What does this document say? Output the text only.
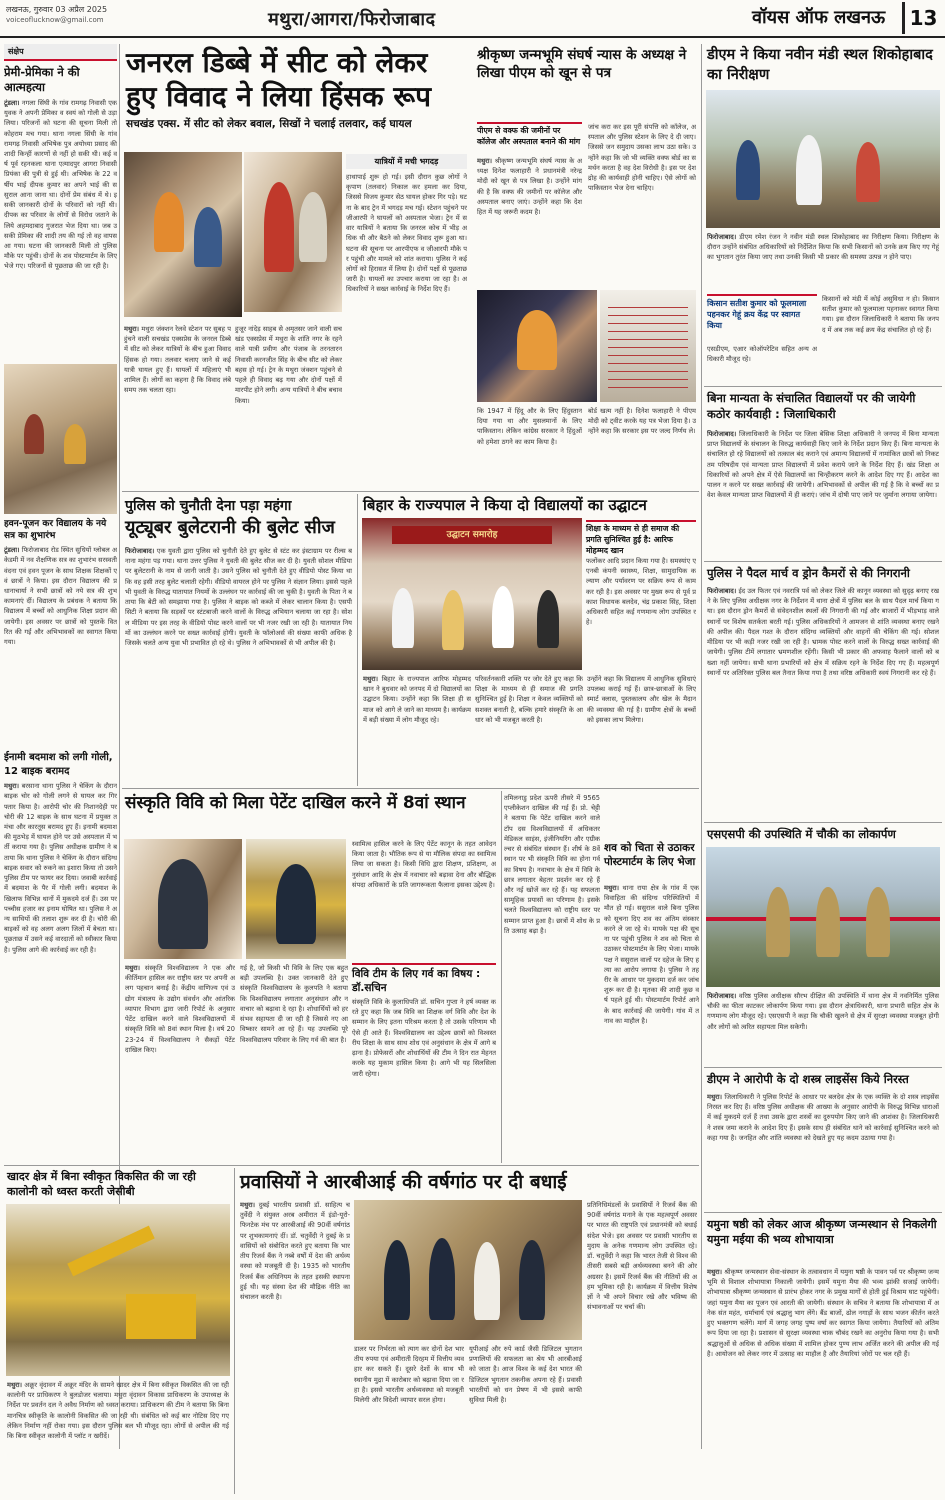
लखनऊ, गुरुवार 03 अप्रैल 2025
voiceoflucknow@gmail.com	मथुरा/आगरा/फिरोजाबाद	वॉयस ऑफ लखनऊ	13
संक्षेप
प्रेमी-प्रेमिका ने की आत्महत्या
टूंडला। नगला सिंघी के गांव रामगढ़ निवासी एक युवक ने अपनी प्रेमिका व स्वयं को गोली से उड़ा लिया। परिजनों को घटना की सूचना मिली तो कोहराम मच गया। थाना नगला सिंघी के गांव रामगढ़ निवासी अभिषेक पुत्र अयोध्या प्रसाद की शादी किन्हीं कारणों से नहीं हो सकी थी। कई वर्ष पूर्व रहनकला थाना एत्मादपुर आगरा निवासी प्रियंका की पुत्री से हुई थी। अभिषेक के 22 वर्षीय भाई दीपक कुमार का अपने भाई की ससुराल आना जाना था। दोनों प्रेम संबंध में थे। इसकी जानकारी दोनों के परिवारों को नहीं थी। दीपक का परिवार के लोगों से विरोध जताने के लिये अहमदाबाद गुजरात भेज दिया था। जब उसकी प्रेमिका की शादी तय की गई तो वह वापस आ गया। घटना की जानकारी मिली तो पुलिस मौके पर पहुंची। दोनों के शव पोस्टमार्टम के लिए भेजे गए। परिजनों से पूछताछ की जा रही है।
हवन-पूजन कर विद्यालय के नये सत्र का शुभारंभ
टूंडला। फिरोजाबाद रोड स्थित सुधियों ग्लोबल अकेडमी में नव शैक्षणिक सत्र का शुभारंभ सरस्वती वंदना एवं हवन पूजन के साथ शिक्षक शिक्षकों एवं छात्रों ने किया। इस दौरान विद्यालय की प्रधानाचार्या ने सभी छात्रों को नये सत्र की शुभकामनाएं दीं। विद्यालय के प्रबंधक ने बताया कि विद्यालय में बच्चों को आधुनिक शिक्षा प्रदान की जायेगी। इस अवसर पर छात्रों को पुस्तकें वितरित की गईं और अभिभावकों का स्वागत किया गया।
ईनामी बदमाश को लगी गोली, 12 बाइक बरामद
मथुरा। बरसाना थाना पुलिस ने चेकिंग के दौरान बाइक चोर को गोली लगने से घायल कर गिरफ्तार किया है। आरोपी चोर की निशानदेही पर चोरी की 12 बाइक के साथ घटना में प्रयुक्त तमंचा और कारतूस बरामद हुए हैं। इनामी बदमाश की मुठभेड़ में घायल होने पर उसे अस्पताल में भर्ती कराया गया है। पुलिस अधीक्षक ग्रामीण ने बताया कि थाना पुलिस ने चेकिंग के दौरान संदिग्ध बाइक सवार को रुकने का इशारा किया तो उसने पुलिस टीम पर फायर कर दिया। जवाबी कार्रवाई में बदमाश के पैर में गोली लगी। बदमाश के खिलाफ विभिन्न थानों में मुकदमे दर्ज हैं। उस पर पच्चीस हजार का इनाम घोषित था। पुलिस ने अन्य साथियों की तलाश शुरू कर दी है। चोरी की बाइकों को वह अलग अलग जिलों में बेचता था। पूछताछ में उसने कई वारदातों को स्वीकार किया है। पुलिस आगे की कार्रवाई कर रही है।
जनरल डिब्बे में सीट को लेकर हुए विवाद ने लिया हिंसक रूप
सचखंड एक्स. में सीट को लेकर बवाल, सिखों ने चलाई तलवार, कई घायल
यात्रियों में मची भगदड़
हाथापाई शुरू हो गई। इसी दौरान कुछ लोगों ने कृपाण (तलवार) निकाल कर हमला कर दिया, जिससे विजय कुमार सेठ घायल होकर गिर पड़े। घटना के बाद ट्रेन में भगदड़ मच गई। स्टेशन पहुंचने पर जीआरपी ने घायलों को अस्पताल भेजा। ट्रेन में सवार यात्रियों ने बताया कि जनरल कोच में भीड़ अधिक थी और बैठने को लेकर विवाद शुरू हुआ था। घटना की सूचना पर आरपीएफ व जीआरपी मौके पर पहुंची और मामले को शांत कराया। पुलिस ने कई लोगों को हिरासत में लिया है। दोनों पक्षों से पूछताछ जारी है। घायलों का उपचार कराया जा रहा है। अधिकारियों ने सख्त कार्रवाई के निर्देश दिए हैं।
मथुरा। मथुरा जंक्शन रेलवे स्टेशन पर सुबह पहुंचने वाली सचखंड एक्सप्रेस के जनरल डिब्बे में सीट को लेकर यात्रियों के बीच हुआ विवाद हिंसक हो गया। तलवार चलाए जाने से कई यात्री घायल हुए हैं। घायलों में महिलाएं भी शामिल हैं। लोगों का कहना है कि विवाद लंबे समय तक चलता रहा।
हुजूर नांदेड़ साहब से अमृतसर जाने वाली सचखंड एक्सप्रेस में मथुरा के शांति नगर के रहने वाले यात्री प्रवीण और पंजाब के तरनतारन निवासी करनजीत सिंह के बीच सीट को लेकर बहस हो गई। ट्रेन के मथुरा जंक्शन पहुंचने से पहले ही विवाद बढ़ गया और दोनों पक्षों में मारपीट होने लगी। अन्य यात्रियों ने बीच बचाव किया।
श्रीकृष्ण जन्मभूमि संघर्ष न्यास के अध्यक्ष ने लिखा पीएम को खून से पत्र
पीएम से वक्फ की जमीनों पर कॉलेज और अस्पताल बनाने की मांग
मथुरा। श्रीकृष्ण जन्मभूमि संघर्ष न्यास के अध्यक्ष दिनेश फलाहारी ने प्रधानमंत्री नरेन्द्र मोदी को खून से पत्र लिखा है। उन्होंने मांग की है कि वक्फ की जमीनों पर कॉलेज और अस्पताल बनाए जाएं। उन्होंने कहा कि देश हित में यह जरूरी कदम है।
जांच करा कर इस पूरी संपत्ति को कॉलेज, अस्पताल और पुलिस स्टेशन के लिए दे दी जाए। जिससे जन समुदाय उसका लाभ उठा सके। उन्होंने कहा कि जो भी व्यक्ति वक्फ बोर्ड का समर्थन करता है वह देश विरोधी है। इस पर देशद्रोह की कार्यवाही होनी चाहिए। ऐसे लोगों को पाकिस्तान भेज देना चाहिए।
कि 1947 में हिंदू और के लिए हिंदुस्तान दिया गया था और मुसलमानों के लिए पाकिस्तान। लेकिन कांग्रेस सरकार ने हिंदुओं को हमेशा ठगने का काम किया है।
बोर्ड खत्म नहीं है। दिनेश फलाहारी ने पीएम मोदी को ट्वीट करके यह पत्र भेजा दिया है। उन्होंने कहा कि सरकार इस पर जल्द निर्णय ले।
डीएम ने किया नवीन मंडी स्थल शिकोहाबाद का निरीक्षण
फिरोजाबाद। डीएम रमेश रंजन ने नवीन मंडी स्थल शिकोहाबाद का निरीक्षण किया। निरीक्षण के दौरान उन्होंने संबंधित अधिकारियों को निर्देशित किया कि सभी किसानों को उनके क्रय किए गए गेहूं का भुगतान तुरंत किया जाए तथा उनकी किसी भी प्रकार की समस्या उत्पन्न न होने पाए।
किसान सतीश कुमार को फूलमाला पहनकर गेहूं क्रय केंद्र पर स्वागत किया
किसानों को मंडी में कोई असुविधा न हो। किसान सतीश कुमार को फूलमाला पहनाकर स्वागत किया गया। इस दौरान जिलाधिकारी ने बताया कि जनपद में अब तक कई क्रय केंद्र संचालित हो रहे हैं।
एसडीएम, एआर कोऑपरेटिव सहित अन्य अधिकारी मौजूद रहे।
बिना मान्यता के संचालित विद्यालयों पर की जायेगी कठोर कार्यवाही : जिलाधिकारी
फिरोजाबाद। जिलाधिकारी के निर्देश पर जिला बेसिक शिक्षा अधिकारी ने जनपद में बिना मान्यता प्राप्त विद्यालयों के संचालन के विरुद्ध कार्यवाही किए जाने के निर्देश प्रदान किए हैं। बिना मान्यता के संचालित हो रहे विद्यालयों को तत्काल बंद कराने एवं अमान्य विद्यालयों में नामांकित छात्रों को निकटतम परिषदीय एवं मान्यता प्राप्त विद्यालयों में प्रवेश कराये जाने के निर्देश दिए हैं। खंड शिक्षा अधिकारियों को अपने क्षेत्र में ऐसे विद्यालयों का चिन्हीकरण करने के आदेश दिए गए हैं। आदेश का पालन न करने पर सख्त कार्रवाई की जायेगी। अभिभावकों से अपील की गई है कि वे बच्चों का प्रवेश केवल मान्यता प्राप्त विद्यालयों में ही कराएं। जांच में दोषी पाए जाने पर जुर्माना लगाया जायेगा।
पुलिस ने पैदल मार्च व ड्रोन कैमरों से की निगरानी
फिरोजाबाद। ईद उल फितर एवं नवरात्रि पर्व को लेकर जिले की कानून व्यवस्था को सुदृढ़ बनाए रखने के लिए पुलिस अधीक्षक नगर के निर्देशन में थाना क्षेत्रों में पुलिस बल के साथ पैदल मार्च किया गया। इस दौरान ड्रोन कैमरों से संवेदनशील स्थलों की निगरानी की गई और बाजारों में भीड़भाड़ वाले स्थानों पर विशेष सतर्कता बरती गई। पुलिस अधिकारियों ने आमजन से शांति व्यवस्था बनाए रखने की अपील की। पैदल गश्त के दौरान संदिग्ध व्यक्तियों और वाहनों की चेकिंग की गई। सोशल मीडिया पर भी कड़ी नजर रखी जा रही है। भ्रामक पोस्ट करने वालों के विरुद्ध सख्त कार्रवाई की जायेगी। पुलिस टीमें लगातार भ्रमणशील रहेंगी। किसी भी प्रकार की अफवाह फैलाने वालों को बख्शा नहीं जायेगा। सभी थाना प्रभारियों को क्षेत्र में सक्रिय रहने के निर्देश दिए गए हैं। महत्वपूर्ण स्थानों पर अतिरिक्त पुलिस बल तैनात किया गया है तथा वरिष्ठ अधिकारी स्वयं निगरानी कर रहे हैं।
एसएसपी की उपस्थिति में चौकी का लोकार्पण
फिरोजाबाद। वरिष्ठ पुलिस अधीक्षक सौरभ दीक्षित की उपस्थिति में थाना क्षेत्र में नवनिर्मित पुलिस चौकी का फीता काटकर लोकार्पण किया गया। इस दौरान क्षेत्राधिकारी, थाना प्रभारी सहित क्षेत्र के गणमान्य लोग मौजूद रहे। एसएसपी ने कहा कि चौकी खुलने से क्षेत्र में सुरक्षा व्यवस्था मजबूत होगी और लोगों को त्वरित सहायता मिल सकेगी।
डीएम ने आरोपी के दो शस्त्र लाइसेंस किये निरस्त
मथुरा। जिलाधिकारी ने पुलिस रिपोर्ट के आधार पर बलदेव क्षेत्र के एक व्यक्ति के दो शस्त्र लाइसेंस निरस्त कर दिए हैं। वरिष्ठ पुलिस अधीक्षक की आख्या के अनुसार आरोपी के विरुद्ध विभिन्न धाराओं में कई मुकदमे दर्ज हैं तथा उसके द्वारा शस्त्रों का दुरुपयोग किए जाने की आशंका है। जिलाधिकारी ने शस्त्र जमा कराने के आदेश दिए हैं। इसके साथ ही संबंधित थाने को कार्रवाई सुनिश्चित करने को कहा गया है। जनहित और शांति व्यवस्था को देखते हुए यह कदम उठाया गया है।
यमुना षष्ठी को लेकर आज श्रीकृष्ण जन्मस्थान से निकलेगी यमुना मईया की भव्य शोभायात्रा
मथुरा। श्रीकृष्ण जन्मस्थान सेवा-संस्थान के तत्वावधान में यमुना षष्ठी के पावन पर्व पर श्रीकृष्ण जन्मभूमि से विशाल शोभायात्रा निकाली जायेगी। इसमें यमुना मैया की भव्य झांकी सजाई जायेगी। शोभायात्रा श्रीकृष्ण जन्मस्थान से प्रारंभ होकर नगर के प्रमुख मार्गों से होती हुई विश्राम घाट पहुंचेगी। जहां यमुना मैया का पूजन एवं आरती की जायेगी। संस्थान के सचिव ने बताया कि शोभायात्रा में अनेक संत महंत, धर्माचार्य एवं श्रद्धालु भाग लेंगे। बैंड बाजों, ढोल नगाड़ों के साथ भजन कीर्तन करते हुए भक्तगण चलेंगे। मार्ग में जगह जगह पुष्प वर्षा कर स्वागत किया जायेगा। तैयारियों को अंतिम रूप दिया जा रहा है। प्रशासन से सुरक्षा व्यवस्था चाक चौबंद रखने का अनुरोध किया गया है। सभी श्रद्धालुओं से अधिक से अधिक संख्या में शामिल होकर पुण्य लाभ अर्जित करने की अपील की गई है। आयोजन को लेकर नगर में उत्साह का माहौल है और तैयारियां जोरों पर चल रही हैं।
पुलिस को चुनौती देना पड़ा महंगा
यूट्यूबर बुलेटरानी की बुलेट सीज
फिरोजाबाद। एक युवती द्वारा पुलिस को चुनौती देते हुए बुलेट से स्टंट कर इंस्टाग्राम पर रील्स बनाना महंगा पड़ गया। थाना उत्तर पुलिस ने युवती की बुलेट सीज कर दी है। युवती सोशल मीडिया पर बुलेटरानी के नाम से जानी जाती है। उसने पुलिस को चुनौती देते हुए वीडियो पोस्ट किया था कि वह इसी तरह बुलेट चलाती रहेगी। वीडियो वायरल होने पर पुलिस ने संज्ञान लिया। इससे पहले भी युवती के विरुद्ध यातायात नियमों के उल्लंघन पर कार्रवाई की जा चुकी है। युवती के पिता ने बताया कि बेटी को समझाया गया है। पुलिस ने बाइक को कब्जे में लेकर चालान किया है। एसपी सिटी ने बताया कि सड़कों पर स्टंटबाजी करने वालों के विरुद्ध अभियान चलाया जा रहा है। सोशल मीडिया पर इस तरह के वीडियो पोस्ट करने वालों पर भी नजर रखी जा रही है। यातायात नियमों का उल्लंघन करने पर सख्त कार्रवाई होगी। युवती के फॉलोअर्स की संख्या काफी अधिक है जिसके चलते अन्य युवा भी प्रभावित हो रहे थे। पुलिस ने अभिभावकों से भी अपील की है।
बिहार के राज्यपाल ने किया दो विद्यालयों का उद्घाटन
उद्घाटन समारोह
शिक्षा के माध्यम से ही समाज की प्रगति सुनिश्चित हुई है: आरिफ मोहम्मद खान
फलोंकर आदि प्रदान किया गया है। समस्यांए एएनबी कंपनी स्वास्थ्य, शिक्षा, सामुदायिक कल्याण और पर्यावरण पर सक्रिय रूप से काम कर रही है। इस अवसर पर मुख्य रूप से पूर्व प्रकाश विधायक बलदेव, चंद्र प्रकाश सिंह, शिक्षा अधिकारी सहित कई गणमान्य लोग उपस्थित रहे।
मथुरा। बिहार के राज्यपाल आरिफ मोहम्मद खान ने बुधवार को जनपद में दो विद्यालयों का उद्घाटन किया। उन्होंने कहा कि शिक्षा ही समाज को आगे ले जाने का माध्यम है। कार्यक्रम में बड़ी संख्या में लोग मौजूद रहे।
परिवर्तनकारी शक्ति पर जोर देते हुए कहा कि शिक्षा के माध्यम से ही समाज की प्रगति सुनिश्चित हुई है। शिक्षा न केवल व्यक्तियों को सशक्त बनाती है, बल्कि हमारे संस्कृति के आधार को भी मजबूत करती है।
उन्होंने कहा कि विद्यालय में आधुनिक सुविधाएं उपलब्ध कराई गई हैं। छात्र-छात्राओं के लिए स्मार्ट क्लास, पुस्तकालय और खेल के मैदान की व्यवस्था की गई है। ग्रामीण क्षेत्रों के बच्चों को इसका लाभ मिलेगा।
संस्कृति विवि को मिला पेटेंट दाखिल करने में 8वां स्थान
मथुरा। संस्कृति विश्वविद्यालय ने एक और कीर्तिमान हासिल कर राष्ट्रीय स्तर पर अपनी अलग पहचान बनाई है। केंद्रीय वाणिज्य एवं उद्योग मंत्रालय के उद्योग संवर्धन और आंतरिक व्यापार विभाग द्वारा जारी रिपोर्ट के अनुसार पेटेंट दाखिल करने वाले विश्वविद्यालयों में संस्कृति विवि को 8वां स्थान मिला है। वर्ष 2023-24 में विश्वविद्यालय ने सैकड़ों पेटेंट दाखिल किए।
गई है, जो किसी भी विवि के लिए एक बहुत बड़ी उपलब्धि है। उक्त जानकारी देते हुए संस्कृति विश्वविद्यालय के कुलपति ने बताया कि विश्वविद्यालय लगातार अनुसंधान और नवाचार को बढ़ावा दे रहा है। शोधार्थियों को हर संभव सहायता दी जा रही है जिससे नए आविष्कार सामने आ रहे हैं। यह उपलब्धि पूरे विश्वविद्यालय परिवार के लिए गर्व की बात है।
स्वामित्व हासिल करने के लिए पेटेंट कानून के तहत आवेदन किया जाता है। भौतिक रूप से या मौलिक संपदा का स्वामित्व लिया जा सकता है। किसी विधि द्वारा शिक्षण, प्रशिक्षण, अनुसंधान आदि के क्षेत्र में नवाचार को बढ़ावा देना और बौद्धिक संपदा अधिकारों के प्रति जागरूकता फैलाना इसका उद्देश्य है।
विवि टीम के लिए गर्व का विषय : डॉ.सचिन
संस्कृति विवि के कुलाधिपति डॉ. सचिन गुप्ता ने हर्ष व्यक्त करते हुए कहा कि जब विवि का शिक्षक वर्ग विवि और देश के सम्मान के लिए इतना परिश्रम करता है तो उसके परिणाम भी ऐसे ही आते हैं। विश्वविद्यालय का उद्देश्य छात्रों को विश्वस्तरीय शिक्षा के साथ साथ शोध एवं अनुसंधान के क्षेत्र में आगे बढ़ाना है। प्रोफेसरों और शोधार्थियों की टीम ने दिन रात मेहनत करके यह मुकाम हासिल किया है। आगे भी यह सिलसिला जारी रहेगा।
तमिलनाडु प्रदेश ऊपरी तीसरे में 9565 एप्लीकेशन दाखिल की गई हैं। प्रो. चेट्टी ने बताया कि पेटेंट दाखिल करने वाले टॉप दस विश्वविद्यालयों में अधिकतर मेडिकल साइंस, इंजीनियरिंग और एग्रीकल्चर से संबंधित संस्थान हैं। शीर्ष के 8वें स्थान पर भी संस्कृति विवि का होना गर्व का विषय है। नवाचार के क्षेत्र में विवि के छात्र लगातार बेहतर प्रदर्शन कर रहे हैं और नई खोजें कर रहे हैं। यह सफलता सामूहिक प्रयासों का परिणाम है। इसके चलते विश्वविद्यालय को राष्ट्रीय स्तर पर सम्मान प्राप्त हुआ है। छात्रों में शोध के प्रति उत्साह बढ़ा है।
शव को चिता से उठाकर पोस्टमार्टम के लिए भेजा
मथुरा। थाना राया क्षेत्र के गांव में एक विवाहिता की संदिग्ध परिस्थितियों में मौत हो गई। ससुराल वाले बिना पुलिस को सूचना दिए शव का अंतिम संस्कार करने ले जा रहे थे। मायके पक्ष की सूचना पर पहुंची पुलिस ने शव को चिता से उठाकर पोस्टमार्टम के लिए भेजा। मायके पक्ष ने ससुराल वालों पर दहेज के लिए हत्या का आरोप लगाया है। पुलिस ने तहरीर के आधार पर मुकदमा दर्ज कर जांच शुरू कर दी है। मृतका की शादी कुछ वर्ष पहले हुई थी। पोस्टमार्टम रिपोर्ट आने के बाद कार्रवाई की जायेगी। गांव में तनाव का माहौल है।
खादर क्षेत्र में बिना स्वीकृत विकसित की जा रही कालोनी को ध्वस्त करती जेसीबी
मथुरा। अक्रूर वृंदावन में अक्रूर मंदिर के सामने खादर क्षेत्र में बिना स्वीकृत विकसित की जा रही कालोनी पर प्राधिकरण ने बुलडोजर चलाया। मथुरा वृंदावन विकास प्राधिकरण के उपाध्यक्ष के निर्देश पर प्रवर्तन दल ने अवैध निर्माण को ध्वस्त कराया। प्राधिकरण की टीम ने बताया कि बिना मानचित्र स्वीकृति के कालोनी विकसित की जा रही थी। संबंधित को कई बार नोटिस दिए गए लेकिन निर्माण नहीं रोका गया। इस दौरान पुलिस बल भी मौजूद रहा। लोगों से अपील की गई कि बिना स्वीकृत कालोनी में प्लॉट न खरीदें।
प्रवासियों ने आरबीआई की वर्षगांठ पर दी बधाई
मथुरा। दुबई भारतीय प्रवासी डॉ. साहित्य चतुर्वेदी ने संयुक्त अरब अमीरात में इंडो-यूरो-फिनटेक मंच पर आरबीआई की 90वीं वर्षगांठ पर शुभकामनाएं दीं। डॉ. चतुर्वेदी ने दुबई के प्रवासियों को संबोधित करते हुए बताया कि भारतीय रिजर्व बैंक ने नब्बे वर्षों में देश की अर्थव्यवस्था को मजबूती दी है। 1935 को भारतीय रिजर्व बैंक अधिनियम के तहत इसकी स्थापना हुई थी। यह संस्था देश की मौद्रिक नीति का संचालन करती है।
डालर पर निर्भरता को त्याग कर दोनों देश भारतीय रुपया एवं अमीराती दिरहम में वित्तीय व्यवहार कर सकते हैं। दूसरे देशों के साथ भी स्थानीय मुद्रा में कारोबार को बढ़ावा दिया जा रहा है। इससे भारतीय अर्थव्यवस्था को मजबूती मिलेगी और विदेशी व्यापार सरल होगा।
यूपीआई और रुपे कार्ड जैसी डिजिटल भुगतान प्रणालियों की सफलता का श्रेय भी आरबीआई को जाता है। आज विश्व के कई देश भारत की डिजिटल भुगतान तकनीक अपना रहे हैं। प्रवासी भारतीयों को धन प्रेषण में भी इससे काफी सुविधा मिली है।
प्रतिनिधिमंडलों के प्रवासियों ने रिजर्व बैंक की 90वीं वर्षगांठ मनाने के एक महत्वपूर्ण अवसर पर भारत की राष्ट्रपति एवं प्रधानमंत्री को बधाई संदेश भेजे। इस अवसर पर प्रवासी भारतीय समुदाय के अनेक गणमान्य लोग उपस्थित रहे। डॉ. चतुर्वेदी ने कहा कि भारत तेजी से विश्व की तीसरी सबसे बड़ी अर्थव्यवस्था बनने की ओर अग्रसर है। इसमें रिजर्व बैंक की नीतियों की अहम भूमिका रही है। कार्यक्रम में वित्तीय विशेषज्ञों ने भी अपने विचार रखे और भविष्य की संभावनाओं पर चर्चा की।
